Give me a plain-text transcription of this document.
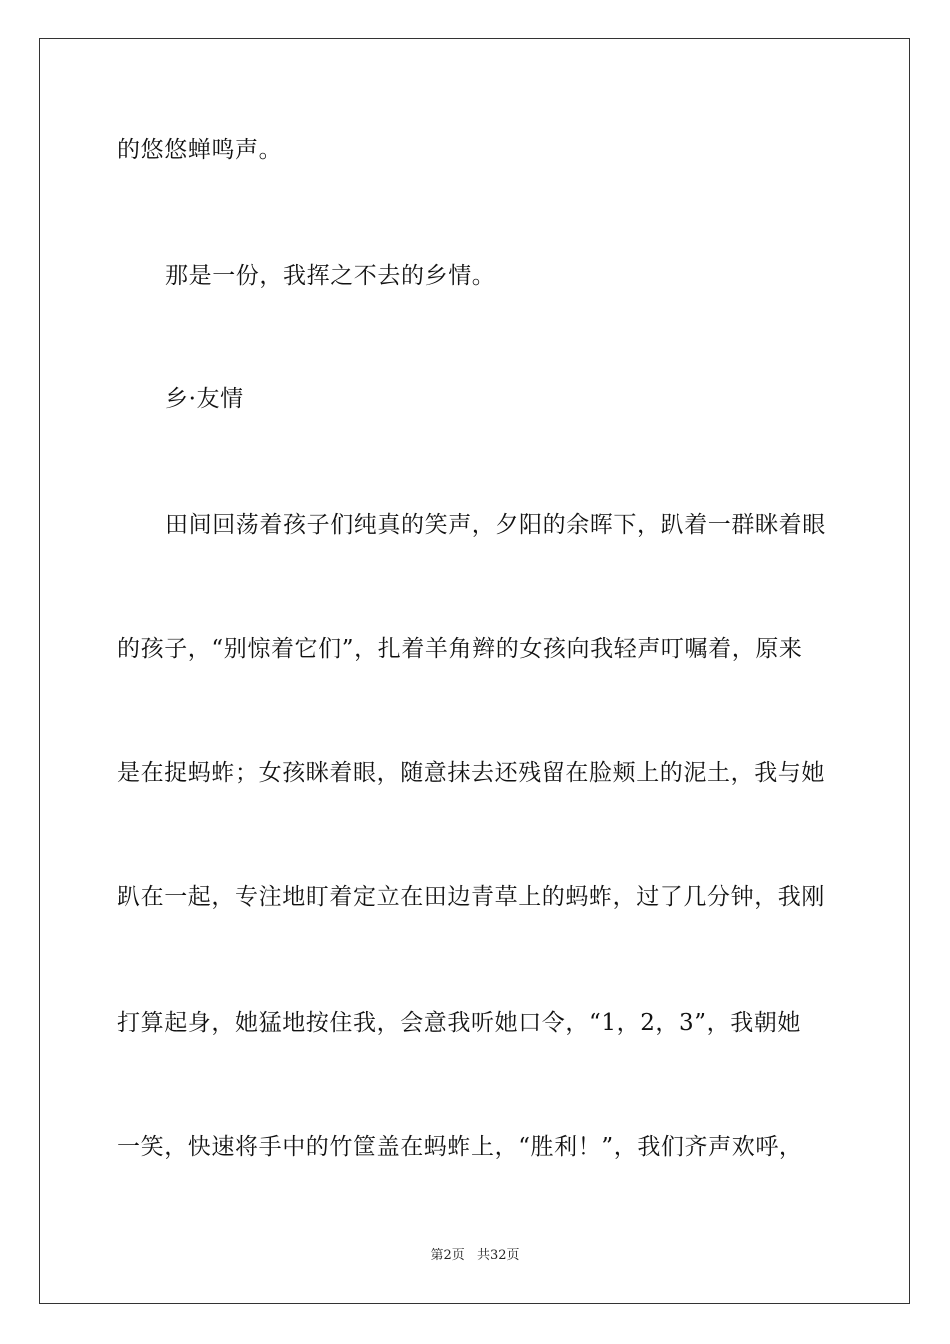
的悠悠蝉鸣声。
那是一份，我挥之不去的乡情。
乡·友情
田间回荡着孩子们纯真的笑声，夕阳的余晖下，趴着一群眯着眼
的孩子，“别惊着它们”，扎着羊角辫的女孩向我轻声叮嘱着，原来
是在捉蚂蚱；女孩眯着眼，随意抹去还残留在脸颊上的泥土，我与她
趴在一起，专注地盯着定立在田边青草上的蚂蚱，过了几分钟，我刚
打算起身，她猛地按住我，会意我听她口令，“1，2，3”，我朝她
一笑，快速将手中的竹筐盖在蚂蚱上，“胜利！”，我们齐声欢呼，
第2页 共32页
